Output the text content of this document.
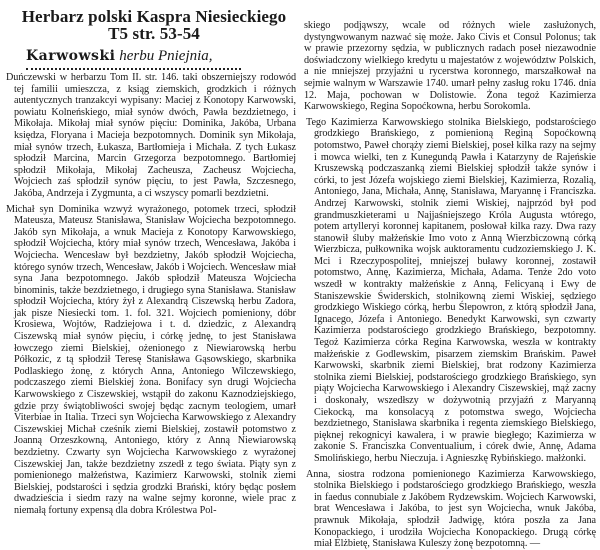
Herbarz polski Kaspra Niesieckiego
T5 str. 53-54
Karwowski herbu Pniejnia,

Duńczewski w herbarzu Tom II. str. 146. taki obszerniejszy rodowód tej familii umieszcza, z ksiąg ziemskich, grodzkich i różnych autentycznych tranzakcyi wypisany: Maciej z Konotopy Karwowski, powiatu Kolneńskiego, miał synów dwóch, Pawła bezdzietnego, i Mikołaja. Mikołaj miał synów pięciu: Dominika, Jakóba, Urbana księdza, Floryana i Macieja bezpotomnych. Dominik syn Mikołaja, miał synów trzech, Łukasza, Bartłomieja i Michała. Z tych Łukasz spłodził Marcina, Marcin Grzegorza bezpotomnego. Bartłomiej spłodził Mikołaja, Mikołaj Zacheusza, Zacheusz Wojciecha, Wojciech zaś spłodził synów pięciu, to jest Pawła, Szczesnego, Jakóba, Andrzeja i Zygmunta, a ci wszyscy pomarli bezdzietni.

Michał syn Dominika wzwyż wyrażonego, potomek trzeci, spłodził Mateusza, Mateusz Stanisława, Stanisław Wojciecha bezpotomnego. Jakób syn Mikołaja, a wnuk Macieja z Konotopy Karwowskiego, spłodził Wojciecha, który miał synów trzech, Wencesława, Jakóba i Wojciecha. Wencesław był bezdzietny, Jakób spłodził Wojciecha, którego synów trzech, Wencesław, Jakób i Wojciech. Wencesław miał syna Jana bezpotomnego. Jakób spłodził Mateusza Wojciecha binominis, także bezdzietnego, i drugiego syna Stanisława. Stanisław spłodził Wojciecha, który żył z Alexandrą Ciszewską herbu Zadora, jak pisze Niesiecki tom. 1. fol. 321. Wojciech pomieniony, dóbr Krosiewa, Wojtów, Radziejowa i t. d. dziedzic, z Alexandrą Ciszewską miał synów pięciu, i córkę jednę, to jest Stanisława łowczego ziemi Bielskiej, ożenionego z Niewiarowską herbu Półkozic, z tą spłodził Teresę Stanisława Gąsowskiego, skarbnika Podlaskiego żonę, z których Anna, Antoniego Wilczewskiego, podczaszego ziemi Bielskiej żona. Bonifacy syn drugi Wojciecha Karwowskiego z Ciszewskiej, wstąpił do zakonu Kaznodziejskiego, gdzie przy świątobliwości swojej będąc zacnym teologiem, umarł Viterbiae in Italia. Trzeci syn Wojciecha Karwowskiego z Alexandry Ciszewskiej Michał cześnik ziemi Bielskiej, zostawił potomstwo z Joanną Orzeszkowną, Antoniego, który z Anną Niewiarowską bezdzietny. Czwarty syn Wojciecha Karwowskiego z wyrażonej Ciszewskiej Jan, także bezdzietny zszedł z tego świata. Piąty syn z pomienionego małżeństwa, Kazimierz Karwowski, stolnik ziemi Bielskiej, podstarości i sędzia grodzki Brański, który będąc posłem dwadzieścia i siedm razy na walne sejmy koronne, wiele prac z niemałą fortuny expensą dla dobra Królestwa Pol-

skiego podjąwszy, wcale od różnych wiele zasłużonych, dystyngwowanym nazwać się może. Jako Civis et Consul Polonus; tak w prawie przezorny sędzia, w publicznych radach poseł niezawodnie doświadczony wielkiego kredytu u majestatów z województw Polskich, a nie mniejszej przyjaźni u rycerstwa koronnego, marszałkował na sejmie walnym w Warszawie 1740. umarł pełny zasług roku 1746. dnia 12. Maja, pochowan w Dolistowie. Żona tegoż Kazimierza Karwowskiego, Regina Sopoćkowna, herbu Sorokomla.

Tego Kazimierza Karwowskiego stolnika Bielskiego, podstarościego grodzkiego Brańskiego, z pomienioną Reginą Sopoćkowną potomstwo, Paweł chorąży ziemi Bielskiej, poseł kilka razy na sejmy i mowca wielki, ten z Kunegundą Pawła i Katarzyny de Rajeńskie Kruszewską podczaszanką ziemi Bielskiej spłodził także synów i córki, to jest Józefa wojskiego ziemi Bielskiej, Kazimierza, Rozalią, Antoniego, Jana, Michała, Annę, Stanisława, Maryannę i Franciszka. Andrzej Karwowski, stolnik ziemi Wiskiej, najprzód był pod grandmuszkieterami u Najjaśniejszego Króla Augusta wtórego, potem artylleryi koronnej kapitanem, posłował kilka razy. Dwa razy stanowił śluby małżeńskie Imo voto z Anną Wierzbiczowną córką Wierzbicza, pułkownika wojsk auktoramentu cudzoziemskiego J. K. Mci i Rzeczypospolitej, mniejszej buławy koronnej, zostawił potomstwo, Annę, Kazimierza, Michała, Adama. Tenże 2do voto wszedł w kontrakty małżeńskie z Anną, Felicyaną i Ewy de Staniszewskie Świderskich, stolnikowną ziemi Wiskiej, sędziego grodzkiego Wiskiego córką, herbu Ślepowron, z którą spłodził Jana, Ignacego, Józefa i Antoniego. Benedykt Karwowski, syn czwarty Kazimierza podstarościego grodzkiego Brańskiego, bezpotomny. Tegoż Kazimierza córka Regina Karwowska, weszła w kontrakty małżeńskie z Godlewskim, pisarzem ziemskim Brańskim. Paweł Karwowski, skarbnik ziemi Bielskiej, brat rodzony Kazimierza stolnika ziemi Bielskiej, podstarościego grodzkiego Brańskiego, syn piąty Wojciecha Karwowskiego i Alexandry Ciszewskiej, mąż zacny i doskonały, wszedłszy w dożywotnią przyjaźń z Maryanną Ciekocką, ma konsolacyą z potomstwa swego, Wojciecha bezdzietnego, Stanisława skarbnika i regenta ziemskiego Bielskiego, pięknej rekognicyi kawalera, i w prawie biegłego; Kazimierza w zakonie S. Franciszka Conventualium, i córek dwie, Annę, Adama Smolińskiego, herbu Nieczuja. i Agnieszkę Rybińskiego. małżonki.

Anna, siostra rodzona pomienionego Kazimierza Karwowskiego, stolnika Bielskiego i podstarościego grodzkiego Brańskiego, weszła in faedus connubiale z Jakóbem Rydzewskim. Wojciech Karwowski, brat Wencesława i Jakóba, to jest syn Wojciecha, wnuk Jakóba, prawnuk Mikołaja, spłodził Jadwigę, która poszła za Jana Konopackiego, i urodziła Wojciecha Konopackiego. Drugą córkę miał Elżbietę, Stanisława Kuleszy żonę bezpotomną. —
